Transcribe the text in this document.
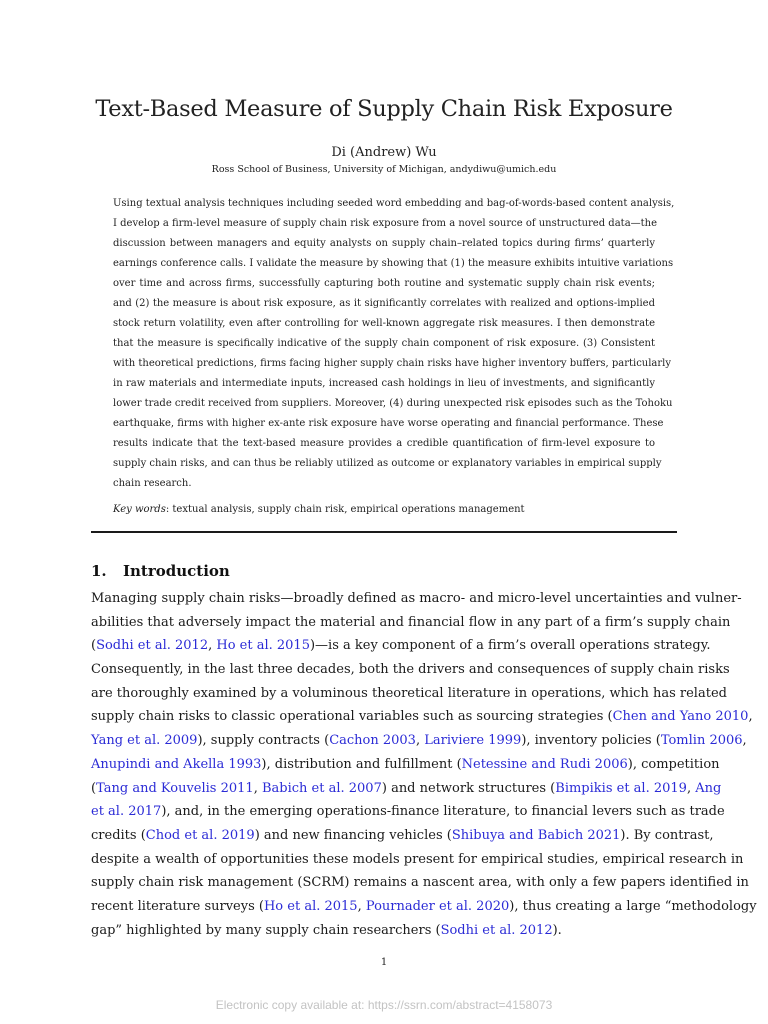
Text-Based Measure of Supply Chain Risk Exposure
Di (Andrew) Wu
Ross School of Business, University of Michigan, andydiwu@umich.edu
Using textual analysis techniques including seeded word embedding and bag-of-words-based content analysis,
I develop a firm-level measure of supply chain risk exposure from a novel source of unstructured data—the
discussion between managers and equity analysts on supply chain–related topics during firms’ quarterly
earnings conference calls. I validate the measure by showing that (1) the measure exhibits intuitive variations
over time and across firms, successfully capturing both routine and systematic supply chain risk events;
and (2) the measure is about risk exposure, as it significantly correlates with realized and options-implied
stock return volatility, even after controlling for well-known aggregate risk measures. I then demonstrate
that the measure is specifically indicative of the supply chain component of risk exposure. (3) Consistent
with theoretical predictions, firms facing higher supply chain risks have higher inventory buffers, particularly
in raw materials and intermediate inputs, increased cash holdings in lieu of investments, and significantly
lower trade credit received from suppliers. Moreover, (4) during unexpected risk episodes such as the Tohoku
earthquake, firms with higher ex-ante risk exposure have worse operating and financial performance. These
results indicate that the text-based measure provides a credible quantification of firm-level exposure to
supply chain risks, and can thus be reliably utilized as outcome or explanatory variables in empirical supply
chain research.
Key words: textual analysis, supply chain risk, empirical operations management
1. Introduction
Managing supply chain risks—broadly defined as macro- and micro-level uncertainties and vulner-
abilities that adversely impact the material and financial flow in any part of a firm’s supply chain
(Sodhi et al. 2012, Ho et al. 2015)—is a key component of a firm’s overall operations strategy.
Consequently, in the last three decades, both the drivers and consequences of supply chain risks
are thoroughly examined by a voluminous theoretical literature in operations, which has related
supply chain risks to classic operational variables such as sourcing strategies (Chen and Yano 2010,
Yang et al. 2009), supply contracts (Cachon 2003, Lariviere 1999), inventory policies (Tomlin 2006,
Anupindi and Akella 1993), distribution and fulfillment (Netessine and Rudi 2006), competition
(Tang and Kouvelis 2011, Babich et al. 2007) and network structures (Bimpikis et al. 2019, Ang
et al. 2017), and, in the emerging operations-finance literature, to financial levers such as trade
credits (Chod et al. 2019) and new financing vehicles (Shibuya and Babich 2021). By contrast,
despite a wealth of opportunities these models present for empirical studies, empirical research in
supply chain risk management (SCRM) remains a nascent area, with only a few papers identified in
recent literature surveys (Ho et al. 2015, Pournader et al. 2020), thus creating a large “methodology
gap” highlighted by many supply chain researchers (Sodhi et al. 2012).
1
Electronic copy available at: https://ssrn.com/abstract=4158073
